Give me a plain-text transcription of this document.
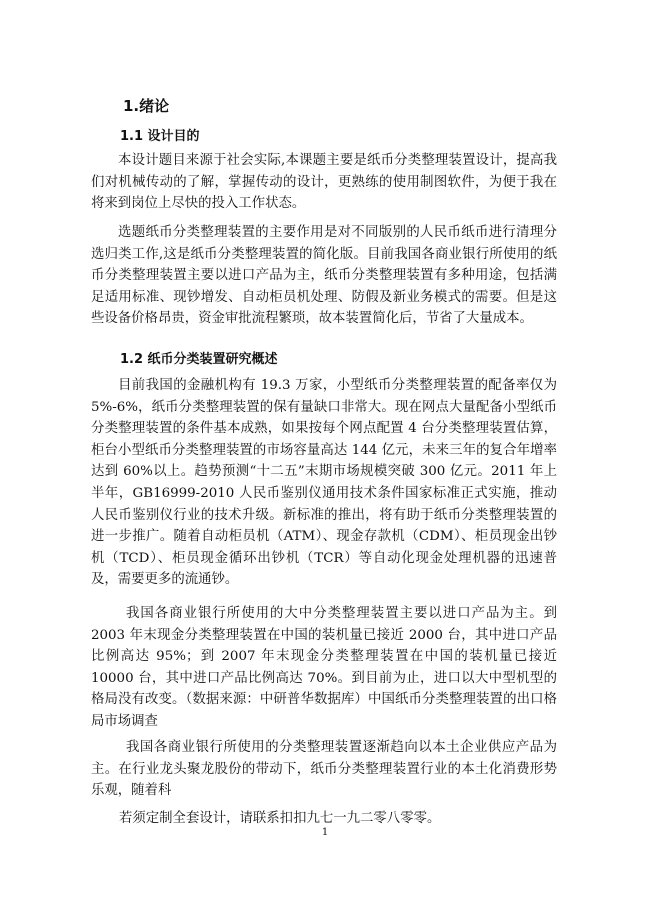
1.绪论
1.1 设计目的

本设计题目来源于社会实际,本课题主要是纸币分类整理装置设计，提高我们对机械传动的了解，掌握传动的设计，更熟练的使用制图软件，为便于我在将来到岗位上尽快的投入工作状态。

选题纸币分类整理装置的主要作用是对不同版别的人民币纸币进行清理分选归类工作,这是纸币分类整理装置的简化版。目前我国各商业银行所使用的纸币分类整理装置主要以进口产品为主，纸币分类整理装置有多种用途，包括满足适用标准、现钞增发、自动柜员机处理、防假及新业务模式的需要。但是这些设备价格昂贵，资金审批流程繁琐，故本装置简化后，节省了大量成本。

1.2 纸币分类装置研究概述

目前我国的金融机构有 19.3 万家，小型纸币分类整理装置的配备率仅为 5%-6%，纸币分类整理装置的保有量缺口非常大。现在网点大量配备小型纸币分类整理装置的条件基本成熟，如果按每个网点配置 4 台分类整理装置估算，柜台小型纸币分类整理装置的市场容量高达 144 亿元，未来三年的复合年增率达到 60%以上。趋势预测“十二五”末期市场规模突破 300 亿元。2011 年上半年，GB16999-2010 人民币鉴别仪通用技术条件国家标准正式实施，推动人民币鉴别仪行业的技术升级。新标准的推出，将有助于纸币分类整理装置的进一步推广。随着自动柜员机（ATM）、现金存款机（CDM）、柜员现金出钞机（TCD）、柜员现金循环出钞机（TCR）等自动化现金处理机器的迅速普及，需要更多的流通钞。

我国各商业银行所使用的大中分类整理装置主要以进口产品为主。到 2003 年末现金分类整理装置在中国的装机量已接近 2000 台，其中进口产品比例高达 95%；到 2007 年末现金分类整理装置在中国的装机量已接近 10000 台，其中进口产品比例高达 70%。到目前为止，进口以大中型机型的格局没有改变。（数据来源：中研普华数据库）中国纸币分类整理装置的出口格局市场调查

我国各商业银行所使用的分类整理装置逐渐趋向以本土企业供应产品为主。在行业龙头聚龙股份的带动下，纸币分类整理装置行业的本土化消费形势乐观，随着科

若须定制全套设计，请联系扣扣九七一九二零八零零。
1
